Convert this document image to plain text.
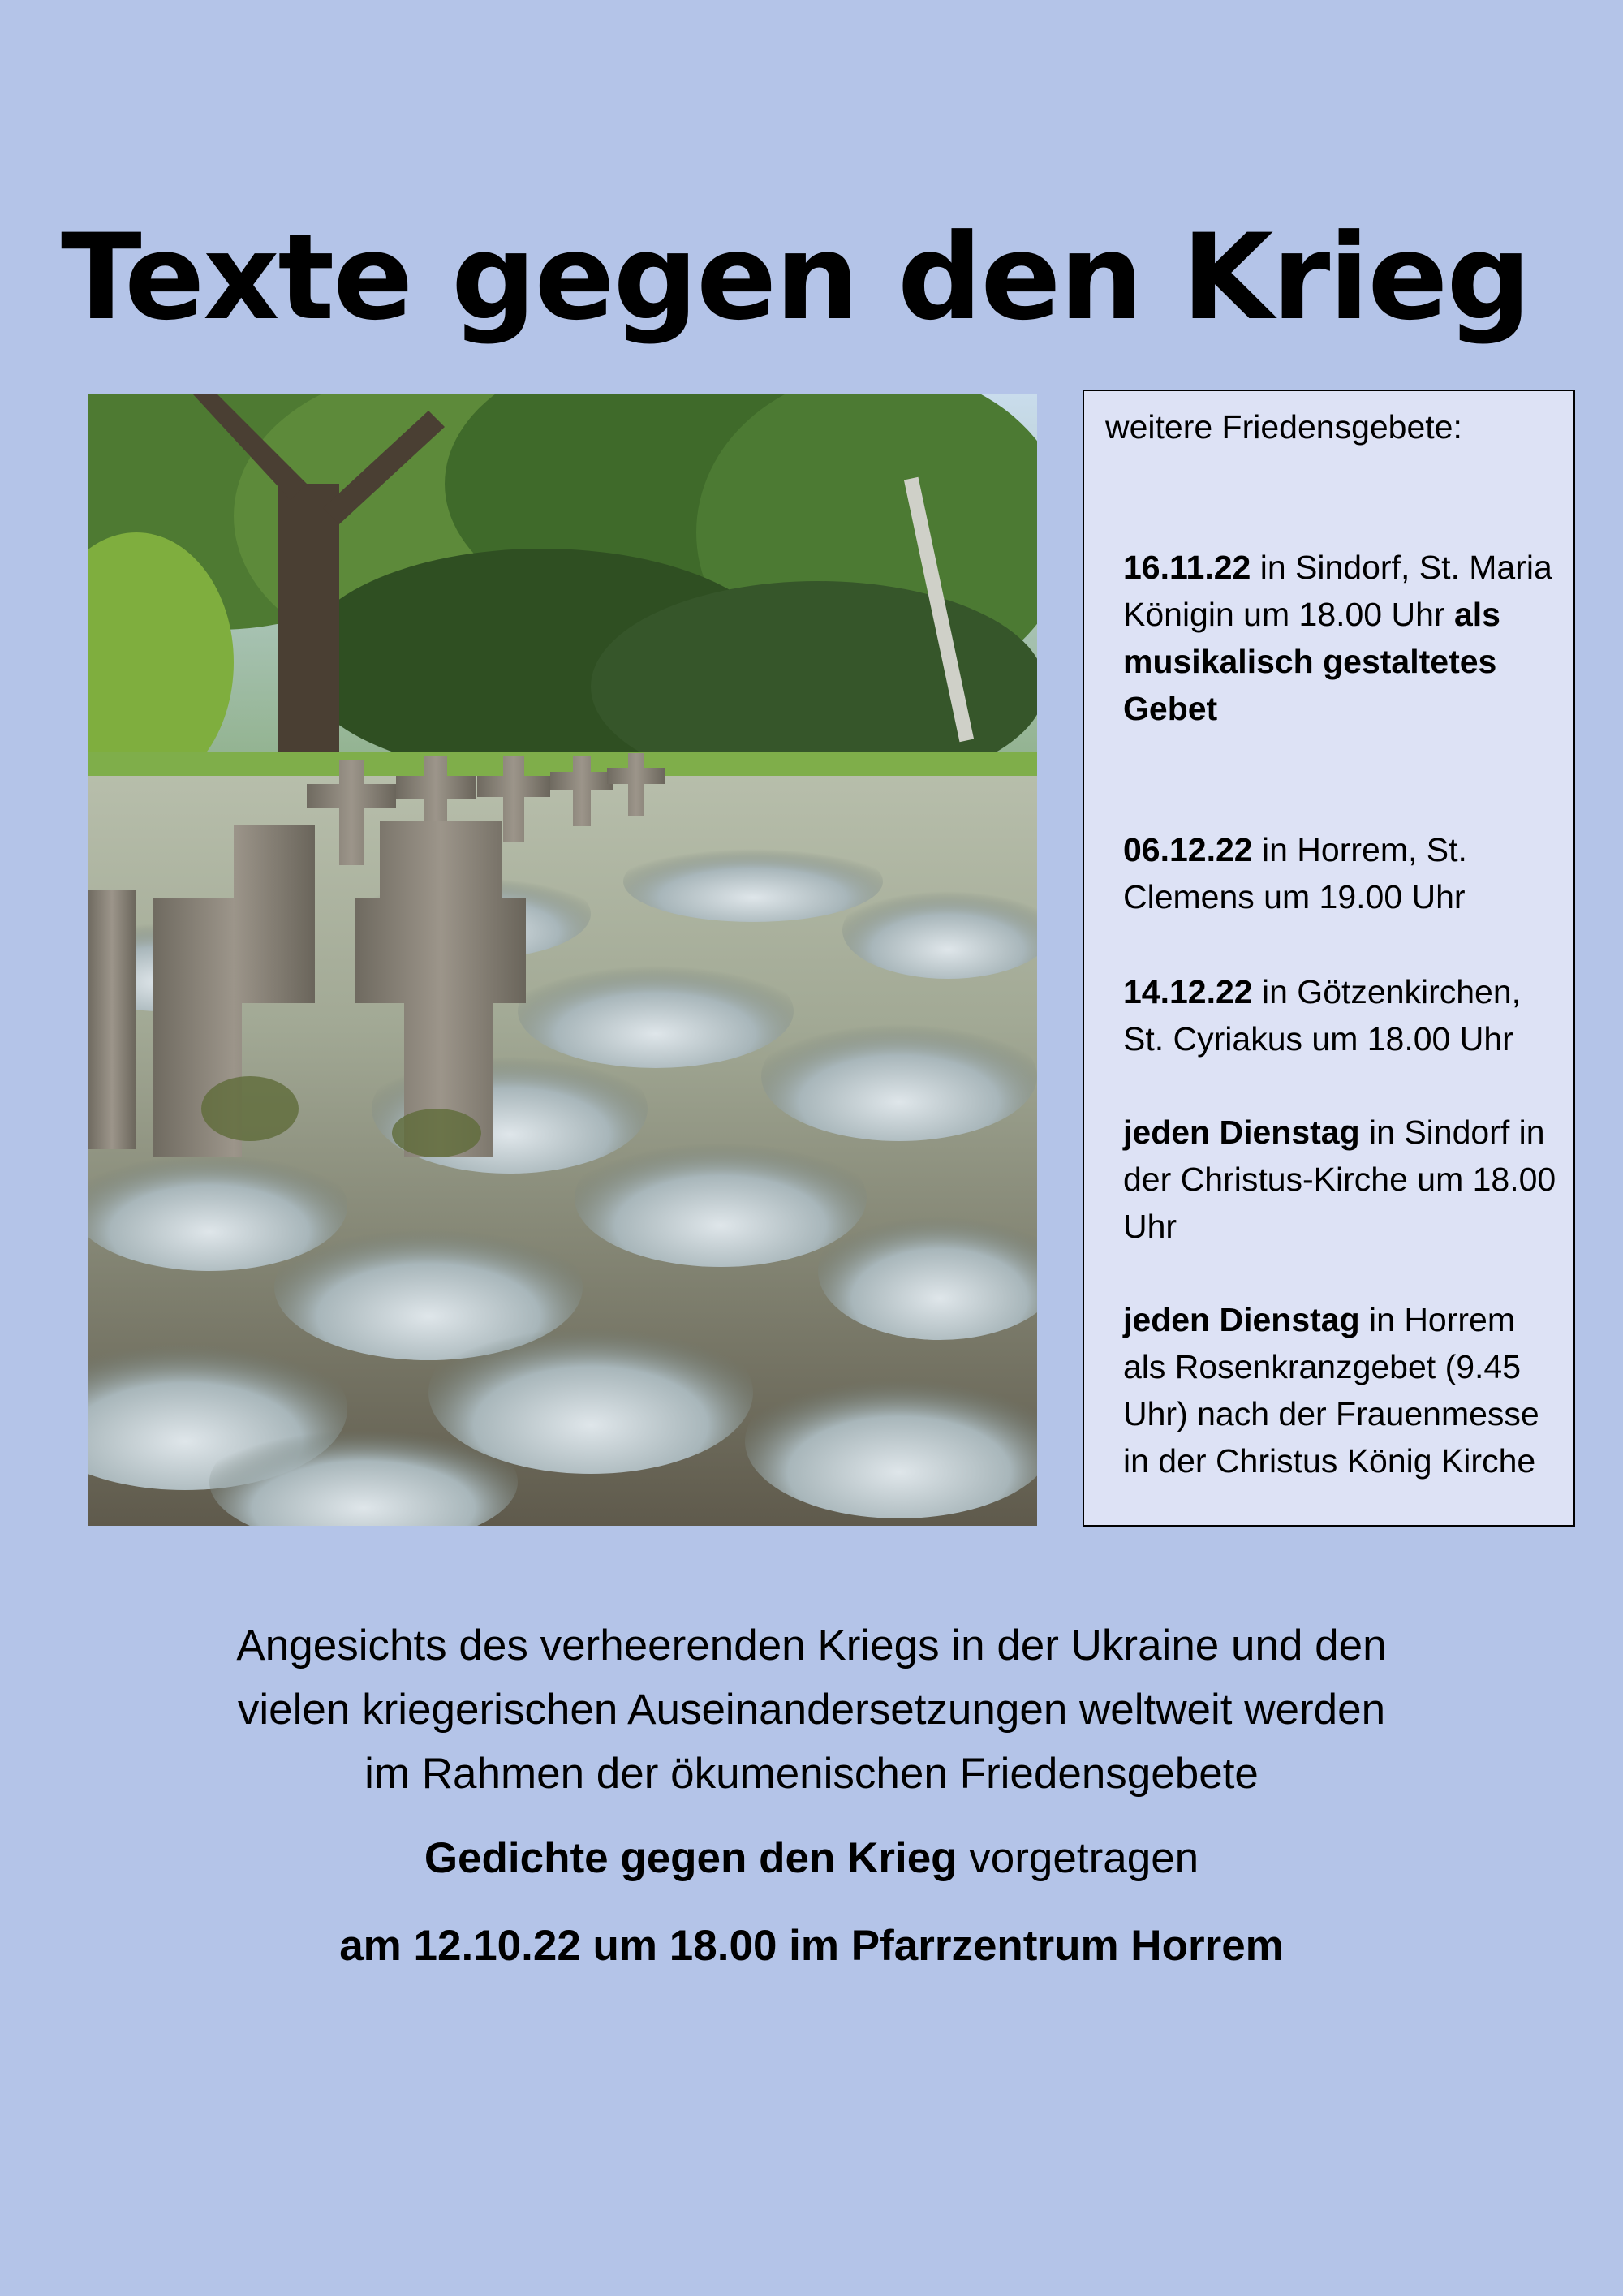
Texte gegen den Krieg

weitere Friedensgebete:

16.11.22 in Sindorf, St. Maria Königin um 18.00 Uhr als musikalisch gestaltetes Gebet

06.12.22 in Horrem, St. Clemens um 19.00 Uhr

14.12.22 in Götzenkirchen, St. Cyriakus um 18.00 Uhr

jeden Dienstag in Sindorf in der Christus-Kirche um 18.00 Uhr

jeden Dienstag in Horrem als Rosenkranzgebet (9.45 Uhr) nach der Frauenmesse in der Christus König Kirche

Angesichts des verheerenden Kriegs in der Ukraine und den
vielen kriegerischen Auseinandersetzungen weltweit werden
im Rahmen der ökumenischen Friedensgebete
Gedichte gegen den Krieg vorgetragen
am 12.10.22 um 18.00 im Pfarrzentrum Horrem
